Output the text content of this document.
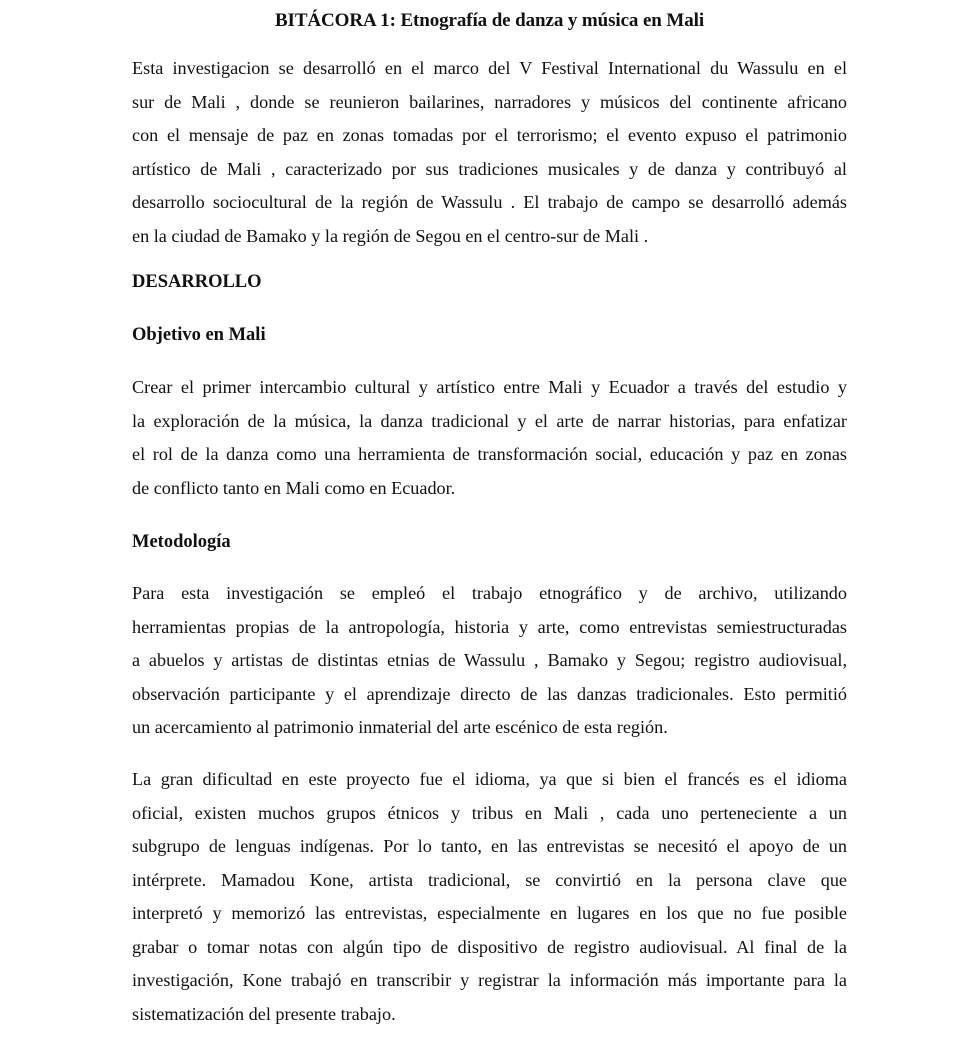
BITÁCORA 1: Etnografía de danza y música en Mali
Esta investigacion se desarrolló en el marco del V Festival International du Wassulu en el
sur de Mali , donde se reunieron bailarines, narradores y músicos del continente africano
con el mensaje de paz en zonas tomadas por el terrorismo; el evento expuso el patrimonio
artístico de Mali , caracterizado por sus tradiciones musicales y de danza y contribuyó al
desarrollo sociocultural de la región de Wassulu . El trabajo de campo se desarrolló además
en la ciudad de Bamako y la región de Segou en el centro-sur de Mali .
DESARROLLO
Objetivo en Mali
Crear el primer intercambio cultural y artístico entre Mali y Ecuador a través del estudio y
la exploración de la música, la danza tradicional y el arte de narrar historias, para enfatizar
el rol de la danza como una herramienta de transformación social, educación y paz en zonas
de conflicto tanto en Mali como en Ecuador.
Metodología
Para esta investigación se empleó el trabajo etnográfico y de archivo, utilizando
herramientas propias de la antropología, historia y arte, como entrevistas semiestructuradas
a abuelos y artistas de distintas etnias de Wassulu , Bamako y Segou; registro audiovisual,
observación participante y el aprendizaje directo de las danzas tradicionales. Esto permitió
un acercamiento al patrimonio inmaterial del arte escénico de esta región.
La gran dificultad en este proyecto fue el idioma, ya que si bien el francés es el idioma
oficial, existen muchos grupos étnicos y tribus en Mali , cada uno perteneciente a un
subgrupo de lenguas indígenas. Por lo tanto, en las entrevistas se necesitó el apoyo de un
intérprete. Mamadou Kone, artista tradicional, se convirtió en la persona clave que
interpretó y memorizó las entrevistas, especialmente en lugares en los que no fue posible
grabar o tomar notas con algún tipo de dispositivo de registro audiovisual. Al final de la
investigación, Kone trabajó en transcribir y registrar la información más importante para la
sistematización del presente trabajo.
